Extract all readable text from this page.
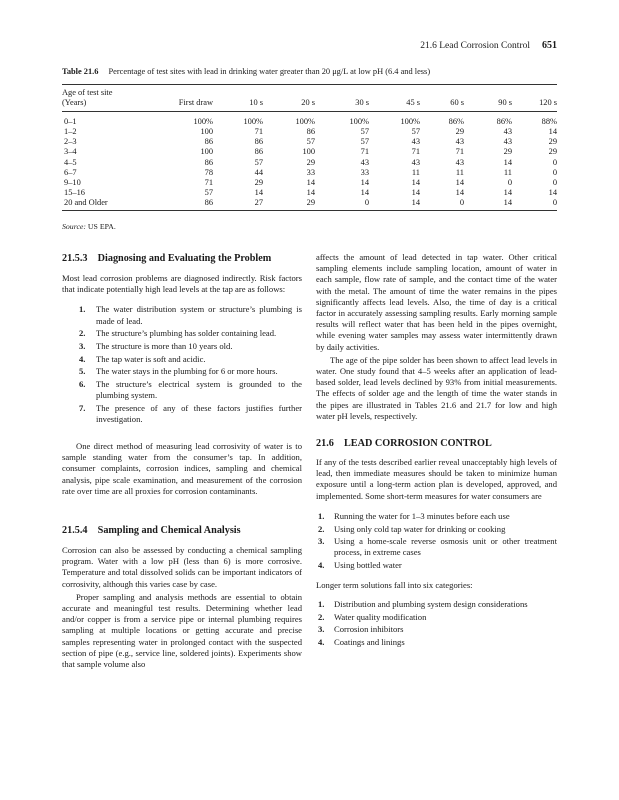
21.6 Lead Corrosion Control 651
Table 21.6 Percentage of test sites with lead in drinking water greater than 20 μg/L at low pH (6.4 and less)
Age of test site								
(Years)	First draw	10 s	20 s	30 s	45 s	60 s	90 s	120 s
0–1	100%	100%	100%	100%	100%	86%	86%	88%
1–2	100	71	86	57	57	29	43	14
2–3	86	86	57	57	43	43	43	29
3–4	100	86	100	71	71	71	29	29
4–5	86	57	29	43	43	43	14	0
6–7	78	44	33	33	11	11	11	0
9–10	71	29	14	14	14	14	0	0
15–16	57	14	14	14	14	14	14	14
20 and Older	86	27	29	0	14	0	14	0
Source: US EPA.
21.5.3 Diagnosing and Evaluating the Problem

Most lead corrosion problems are diagnosed indirectly. Risk factors that indicate potentially high lead levels at the tap are as follows:

1. The water distribution system or structure’s plumbing is made of lead.
2. The structure’s plumbing has solder containing lead.
3. The structure is more than 10 years old.
4. The tap water is soft and acidic.
5. The water stays in the plumbing for 6 or more hours.
6. The structure’s electrical system is grounded to the plumbing system.
7. The presence of any of these factors justifies further investigation.

One direct method of measuring lead corrosivity of water is to sample standing water from the consumer’s tap. In addition, consumer complaints, corrosion indices, sampling and chemical analysis, pipe scale examination, and measurement of the corrosion rate over time are all proxies for corrosion contaminants.

21.5.4 Sampling and Chemical Analysis

Corrosion can also be assessed by conducting a chemical sampling program. Water with a low pH (less than 6) is more corrosive. Temperature and total dissolved solids can be important indicators of corrosivity, although this varies case by case.

Proper sampling and analysis methods are essential to obtain accurate and meaningful test results. Determining whether lead and/or copper is from a service pipe or internal plumbing requires sampling at multiple locations or getting accurate and precise samples representing water in prolonged contact with the suspected section of pipe (e.g., service line, soldered joints). Experiments show that sample volume also

affects the amount of lead detected in tap water. Other critical sampling elements include sampling location, amount of water in each sample, flow rate of sample, and the contact time of the water with the metal. The amount of time the water remains in the pipes significantly affects lead levels. Also, the time of day is a critical factor in accurately assessing sampling results. Early morning sample results will reflect water that has been held in the pipes overnight, while evening water samples may assess water intermittently drawn by daily activities.

The age of the pipe solder has been shown to affect lead levels in water. One study found that 4–5 weeks after an application of lead-based solder, lead levels declined by 93% from initial measurements. The effects of solder age and the length of time the water stands in the pipes are illustrated in Tables 21.6 and 21.7 for low and high water pH levels, respectively.

21.6 LEAD CORROSION CONTROL

If any of the tests described earlier reveal unacceptably high levels of lead, then immediate measures should be taken to minimize human exposure until a long-term action plan is developed, approved, and implemented. Some short-term measures for water consumers are

1. Running the water for 1–3 minutes before each use
2. Using only cold tap water for drinking or cooking
3. Using a home-scale reverse osmosis unit or other treatment process, in extreme cases
4. Using bottled water

Longer term solutions fall into six categories:

1. Distribution and plumbing system design considerations
2. Water quality modification
3. Corrosion inhibitors
4. Coatings and linings
